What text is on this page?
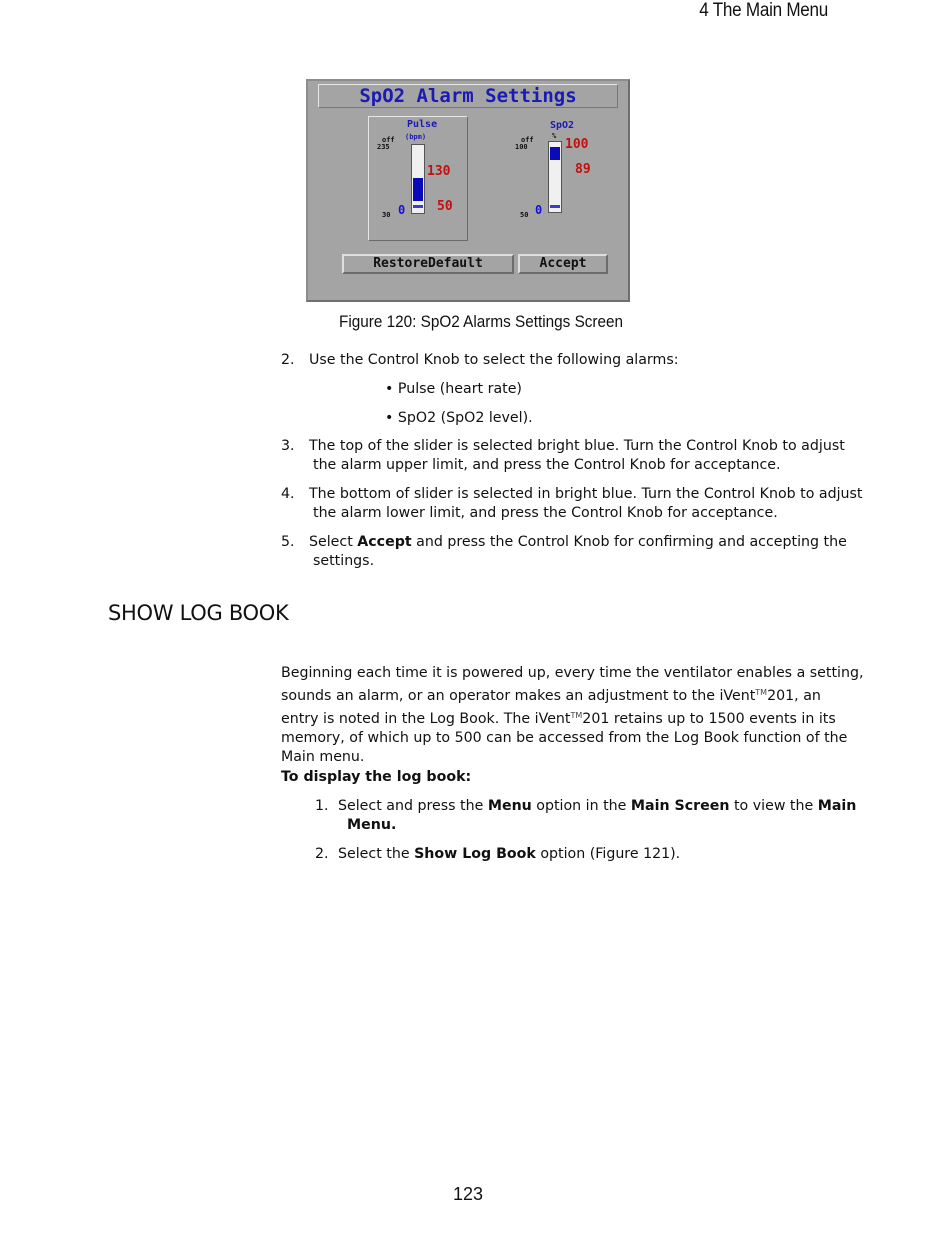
4 The Main Menu
SpO2 Alarm Settings
Pulse
(bpm)
off
235
30
130
50
0
SpO2
%
off
100
50
100
89
0
RestoreDefault	Accept
Figure 120: SpO2 Alarms Settings Screen
2. Use the Control Knob to select the following alarms:
• Pulse (heart rate)
• SpO2 (SpO2 level).
3. The top of the slider is selected bright blue. Turn the Control Knob to adjust
the alarm upper limit, and press the Control Knob for acceptance.
4. The bottom of slider is selected in bright blue. Turn the Control Knob to adjust
the alarm lower limit, and press the Control Knob for acceptance.
5. Select Accept and press the Control Knob for confirming and accepting the
settings.
SHOW LOG BOOK
Beginning each time it is powered up, every time the ventilator enables a setting,
sounds an alarm, or an operator makes an adjustment to the iVent™201, an
entry is noted in the Log Book. The iVent™201 retains up to 1500 events in its
memory, of which up to 500 can be accessed from the Log Book function of the
Main menu.
To display the log book:
1. Select and press the Menu option in the Main Screen to view the Main
Menu.
2. Select the Show Log Book option (Figure 121).
123
